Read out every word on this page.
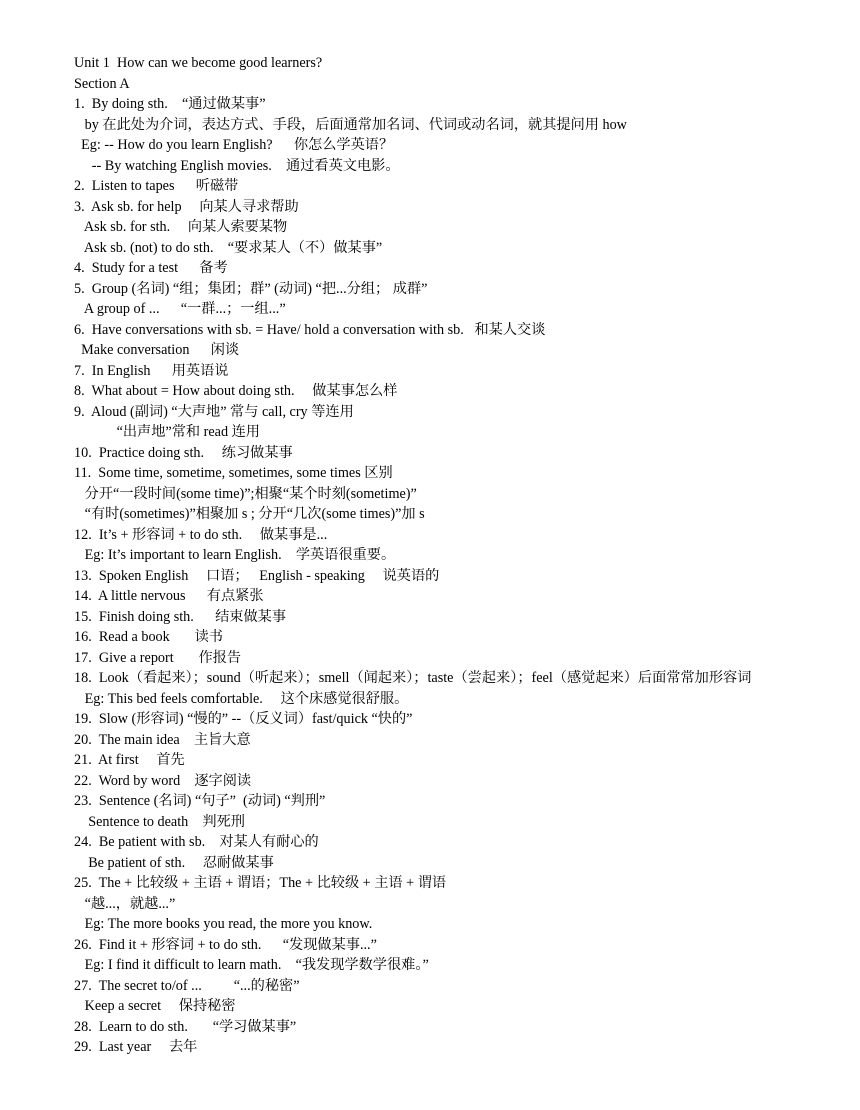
Unit 1  How can we become good learners?
Section A
1.  By doing sth.    “通过做某事”
by 在此处为介词，表达方式、手段，后面通常加名词、代词或动名词，就其提问用 how
Eg: -- How do you learn English?      你怎么学英语？
-- By watching English movies.    通过看英文电影。
2.  Listen to tapes      听磁带
3.  Ask sb. for help     向某人寻求帮助
Ask sb. for sth.     向某人索要某物
Ask sb. (not) to do sth.    “要求某人（不）做某事”
4.  Study for a test      备考
5.  Group (名词) “组；集团；群” (动词) “把...分组； 成群”
A group of ...      “一群...；一组...”
6.  Have conversations with sb. = Have/ hold a conversation with sb.   和某人交谈
Make conversation      闲谈
7.  In English      用英语说
8.  What about = How about doing sth.     做某事怎么样
9.  Aloud (副词) “大声地” 常与 call, cry 等连用
“出声地”常和 read 连用
10.  Practice doing sth.     练习做某事
11.  Some time, sometime, sometimes, some times 区别
分开“一段时间(some time)”;相聚“某个时刻(sometime)”
“有时(sometimes)”相聚加 s ; 分开“几次(some times)”加 s
12.  It’s + 形容词 + to do sth.     做某事是...
Eg: It’s important to learn English.    学英语很重要。
13.  Spoken English     口语；   English - speaking     说英语的
14.  A little nervous      有点紧张
15.  Finish doing sth.      结束做某事
16.  Read a book       读书
17.  Give a report       作报告
18.  Look（看起来）；sound（听起来）；smell（闻起来）；taste（尝起来）；feel（感觉起来）后面常常加形容词
Eg: This bed feels comfortable.     这个床感觉很舒服。
19.  Slow (形容词) “慢的” --（反义词）fast/quick “快的”
20.  The main idea    主旨大意
21.  At first     首先
22.  Word by word    逐字阅读
23.  Sentence (名词) “句子”  (动词) “判刑”
Sentence to death    判死刑
24.  Be patient with sb.    对某人有耐心的
Be patient of sth.     忍耐做某事
25.  The + 比较级 + 主语 + 谓语；The + 比较级 + 主语 + 谓语
“越...，就越...”
Eg: The more books you read, the more you know.
26.  Find it + 形容词 + to do sth.      “发现做某事...”
Eg: I find it difficult to learn math.    “我发现学数学很难。”
27.  The secret to/of ...         “...的秘密”
Keep a secret     保持秘密
28.  Learn to do sth.       “学习做某事”
29.  Last year     去年
